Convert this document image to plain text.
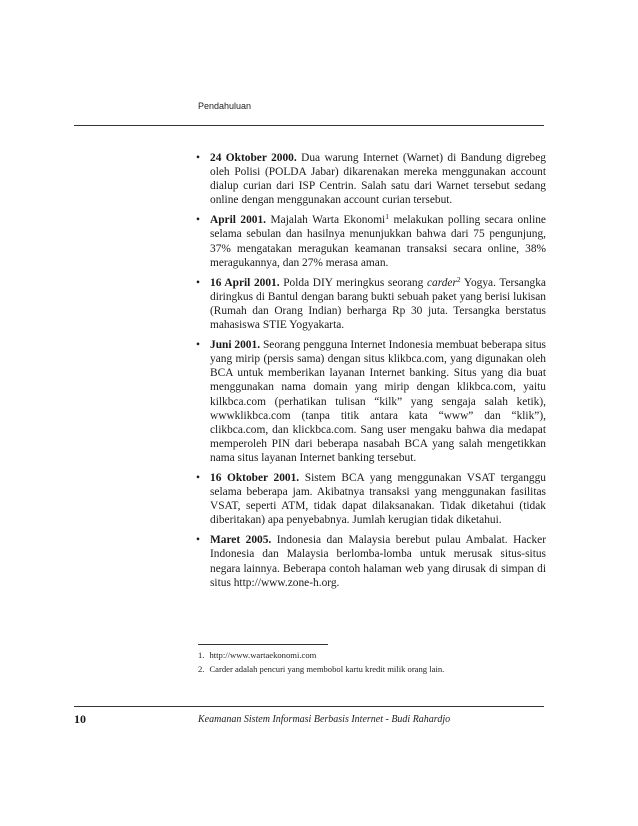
Pendahuluan
• 24 Oktober 2000. Dua warung Internet (Warnet) di Bandung digrebeg oleh Polisi (POLDA Jabar) dikarenakan mereka menggunakan account dialup curian dari ISP Centrin. Salah satu dari Warnet tersebut sedang online dengan menggunakan account curian tersebut.
• April 2001. Majalah Warta Ekonomi$^1$ melakukan polling secara online selama sebulan dan hasilnya menunjukkan bahwa dari 75 pengunjung, 37% mengatakan meragukan keamanan transaksi secara online, 38% meragukannya, dan 27% merasa aman.
• 16 April 2001. Polda DIY meringkus seorang carder$^2$ Yogya. Tersangka diringkus di Bantul dengan barang bukti sebuah paket yang berisi lukisan (Rumah dan Orang Indian) berharga Rp 30 juta. Tersangka berstatus mahasiswa STIE Yogyakarta.
• Juni 2001. Seorang pengguna Internet Indonesia membuat beberapa situs yang mirip (persis sama) dengan situs klikbca.com, yang digunakan oleh BCA untuk memberikan layanan Internet banking. Situs yang dia buat menggunakan nama domain yang mirip dengan klikbca.com, yaitu kilkbca.com (perhatikan tulisan “kilk” yang sengaja salah ketik), wwwklikbca.com (tanpa titik antara kata “www” dan “klik”), clikbca.com, dan klickbca.com. Sang user mengaku bahwa dia medapat memperoleh PIN dari beberapa nasabah BCA yang salah mengetikkan nama situs layanan Internet banking tersebut.
• 16 Oktober 2001. Sistem BCA yang menggunakan VSAT terganggu selama beberapa jam. Akibatnya transaksi yang menggunakan fasilitas VSAT, seperti ATM, tidak dapat dilaksanakan. Tidak diketahui (tidak diberitakan) apa penyebabnya. Jumlah kerugian tidak diketahui.
• Maret 2005. Indonesia dan Malaysia berebut pulau Ambalat. Hacker Indonesia dan Malaysia berlomba-lomba untuk merusak situs-situs negara lainnya. Beberapa contoh halaman web yang dirusak di simpan di situs http://www.zone-h.org.
1. http://www.wartaekonomi.com
2. Carder adalah pencuri yang membobol kartu kredit milik orang lain.
10	Keamanan Sistem Informasi Berbasis Internet - Budi Rahardjo
